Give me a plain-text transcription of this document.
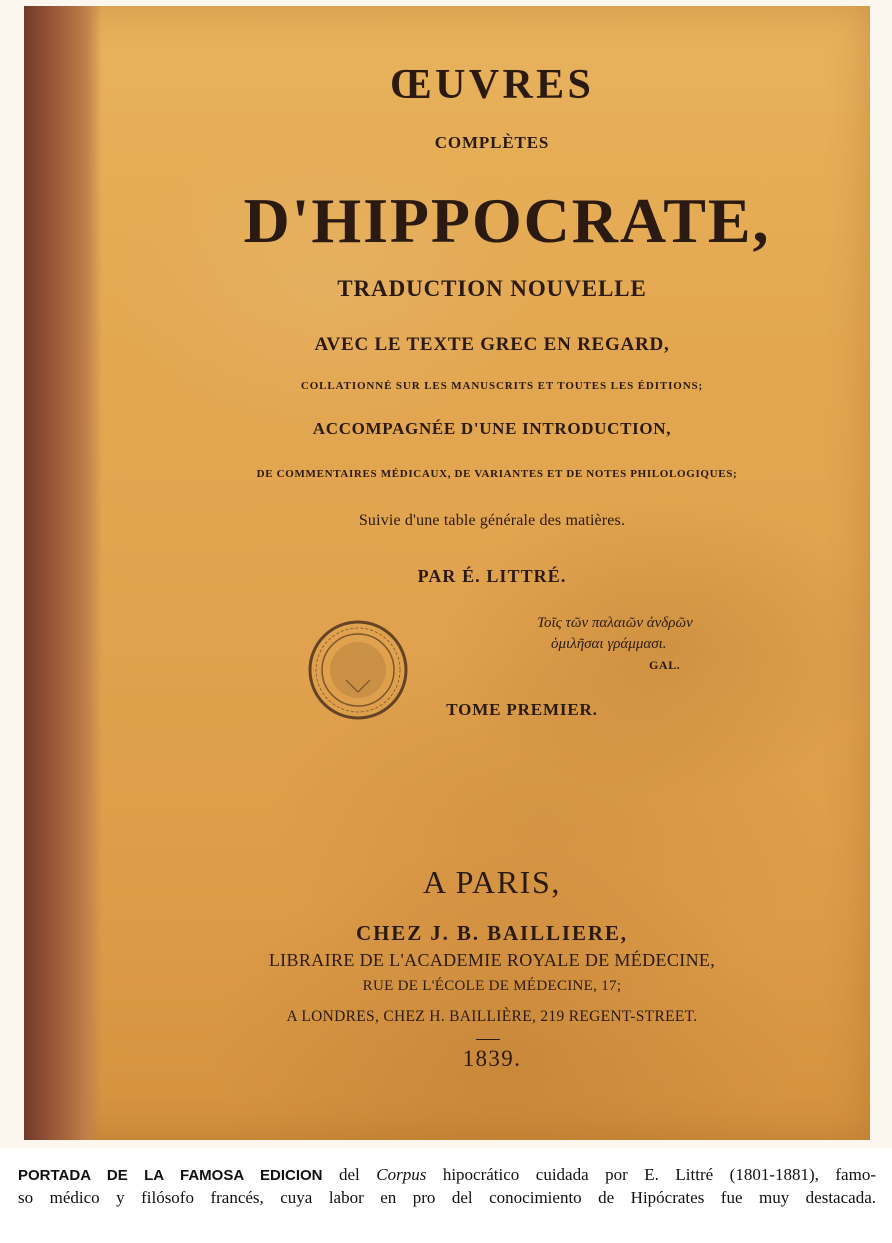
ŒUVRES
COMPLÈTES
D'HIPPOCRATE,
TRADUCTION NOUVELLE
AVEC LE TEXTE GREC EN REGARD,
COLLATIONNÉ SUR LES MANUSCRITS ET TOUTES LES ÉDITIONS;
ACCOMPAGNÉE D'UNE INTRODUCTION,
DE COMMENTAIRES MÉDICAUX, DE VARIANTES ET DE NOTES PHILOLOGIQUES;
Suivie d'une table générale des matières.
PAR É. LITTRÉ.
Τοῖς τῶν παλαιῶν ἀνδρῶν
ὁμιλῆσαι γράμμασι.
GAL.
TOME PREMIER.
A PARIS,
CHEZ J. B. BAILLIERE,
LIBRAIRE DE L'ACADEMIE ROYALE DE MÉDECINE,
RUE DE L'ÉCOLE DE MÉDECINE, 17;
A LONDRES, CHEZ H. BAILLIÈRE, 219 REGENT-STREET.
1839.
PORTADA DE LA FAMOSA EDICION del Corpus hipocrático cuidada por E. Littré (1801-1881), famo-
so médico y filósofo francés, cuya labor en pro del conocimiento de Hipócrates fue muy destacada.
